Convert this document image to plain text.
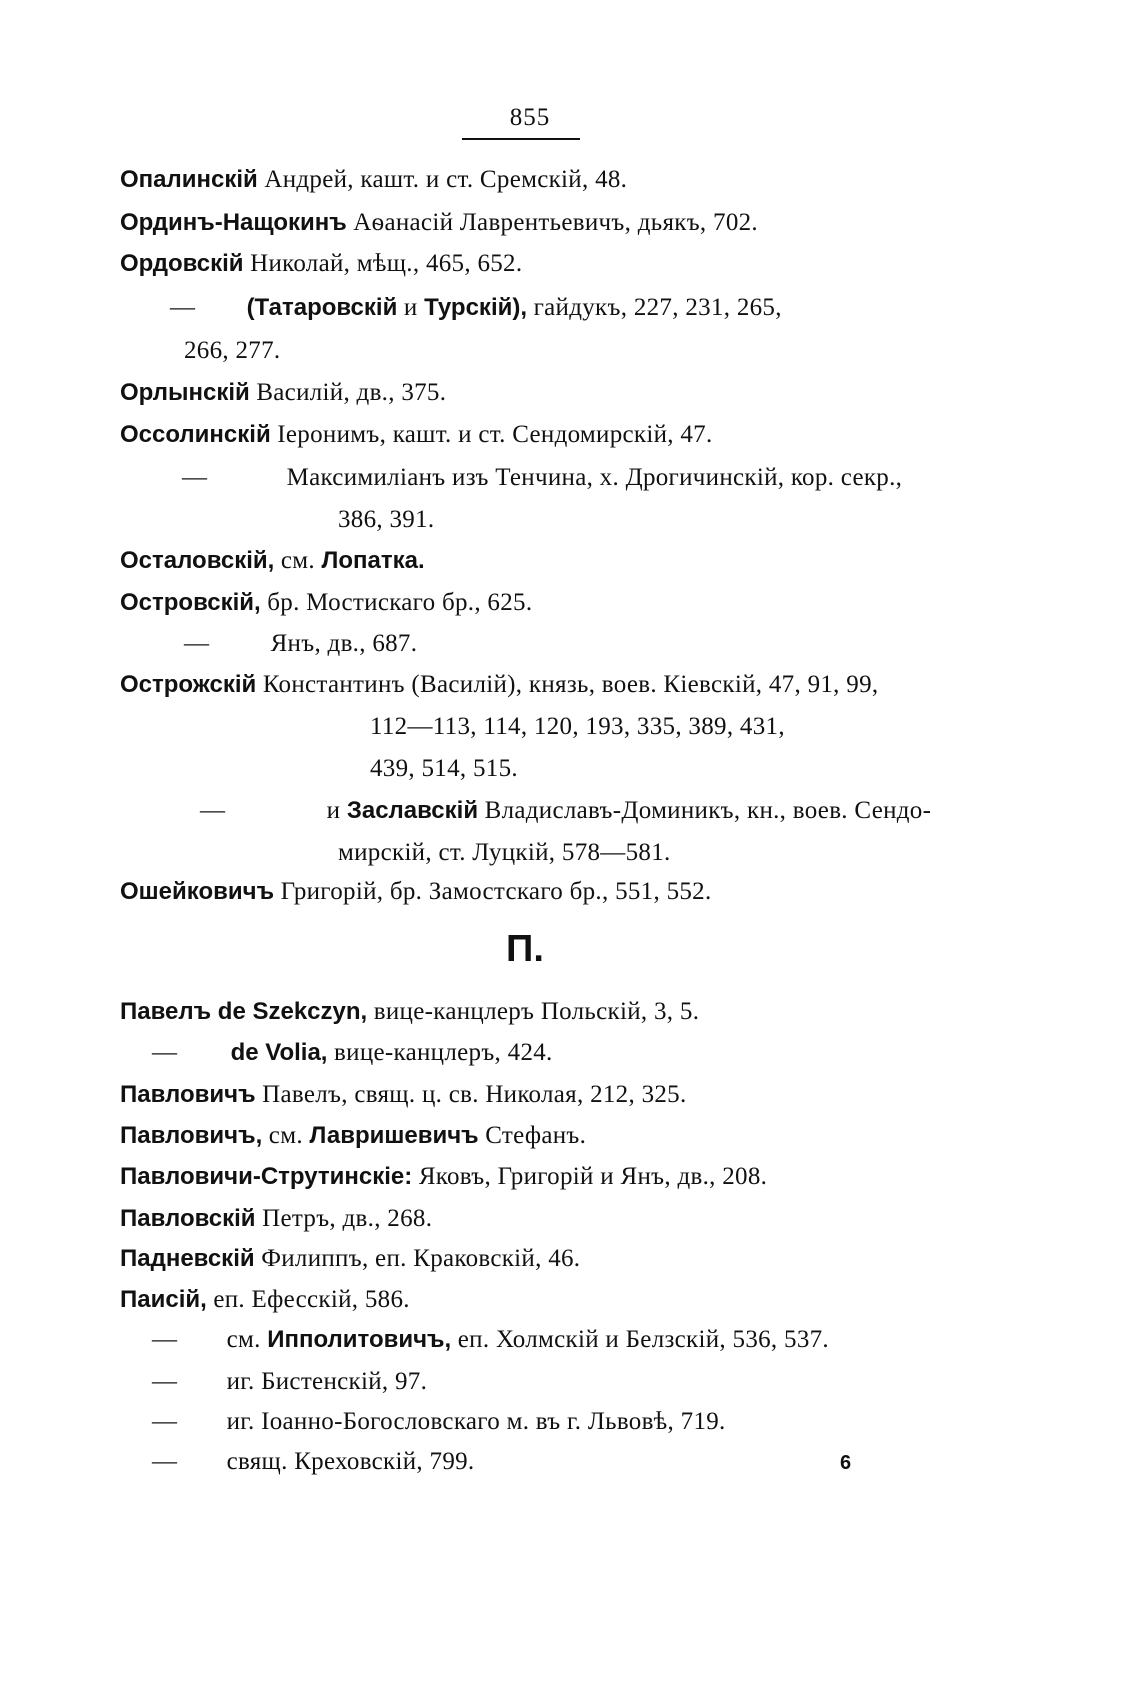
855
Опалинскій Андрей, кашт. и ст. Сремскій, 48.
Ординъ-Нащокинъ Аѳанасій Лаврентьевичъ, дьякъ, 702.
Ордовскій Николай, мѣщ., 465, 652.
— (Татаровскій и Турскій), гайдукъ, 227, 231, 265,
266, 277.
Орлынскій Василій, дв., 375.
Оссолинскій Іеронимъ, кашт. и ст. Сендомирскій, 47.
—	Максимиліанъ изъ Тенчина, х. Дрогичинскій, кор. секр.,
386, 391.
Осталовскій, см. Лопатка.
Островскій, бр. Мостискаго бр., 625.
— Янъ, дв., 687.
Острожскій Константинъ (Василій), князь, воев. Кіевскій, 47, 91, 99,
112—113, 114, 120, 193, 335, 389, 431,
439, 514, 515.
—	и Заславскій Владиславъ-Доминикъ, кн., воев. Сендо-
мирскій, ст. Луцкій, 578—581.
Ошейковичъ Григорій, бр. Замостскаго бр., 551, 552.
П.
Павелъ de Szekczyn, вице-канцлеръ Польскій, 3, 5.
— de Volia, вице-канцлеръ, 424.
Павловичъ Павелъ, свящ. ц. св. Николая, 212, 325.
Павловичъ, см. Лавришевичъ Стефанъ.
Павловичи-Струтинскіе: Яковъ, Григорій и Янъ, дв., 208.
Павловскій Петръ, дв., 268.
Падневскій Филиппъ, еп. Краковскій, 46.
Паисій, еп. Ефесскій, 586.
— см. Ипполитовичъ, еп. Холмскій и Белзскій, 536, 537.
— иг. Бистенскій, 97.
— иг. Іоанно-Богословскаго м. въ г. Львовѣ, 719.
— свящ. Креховскій, 799.	6
